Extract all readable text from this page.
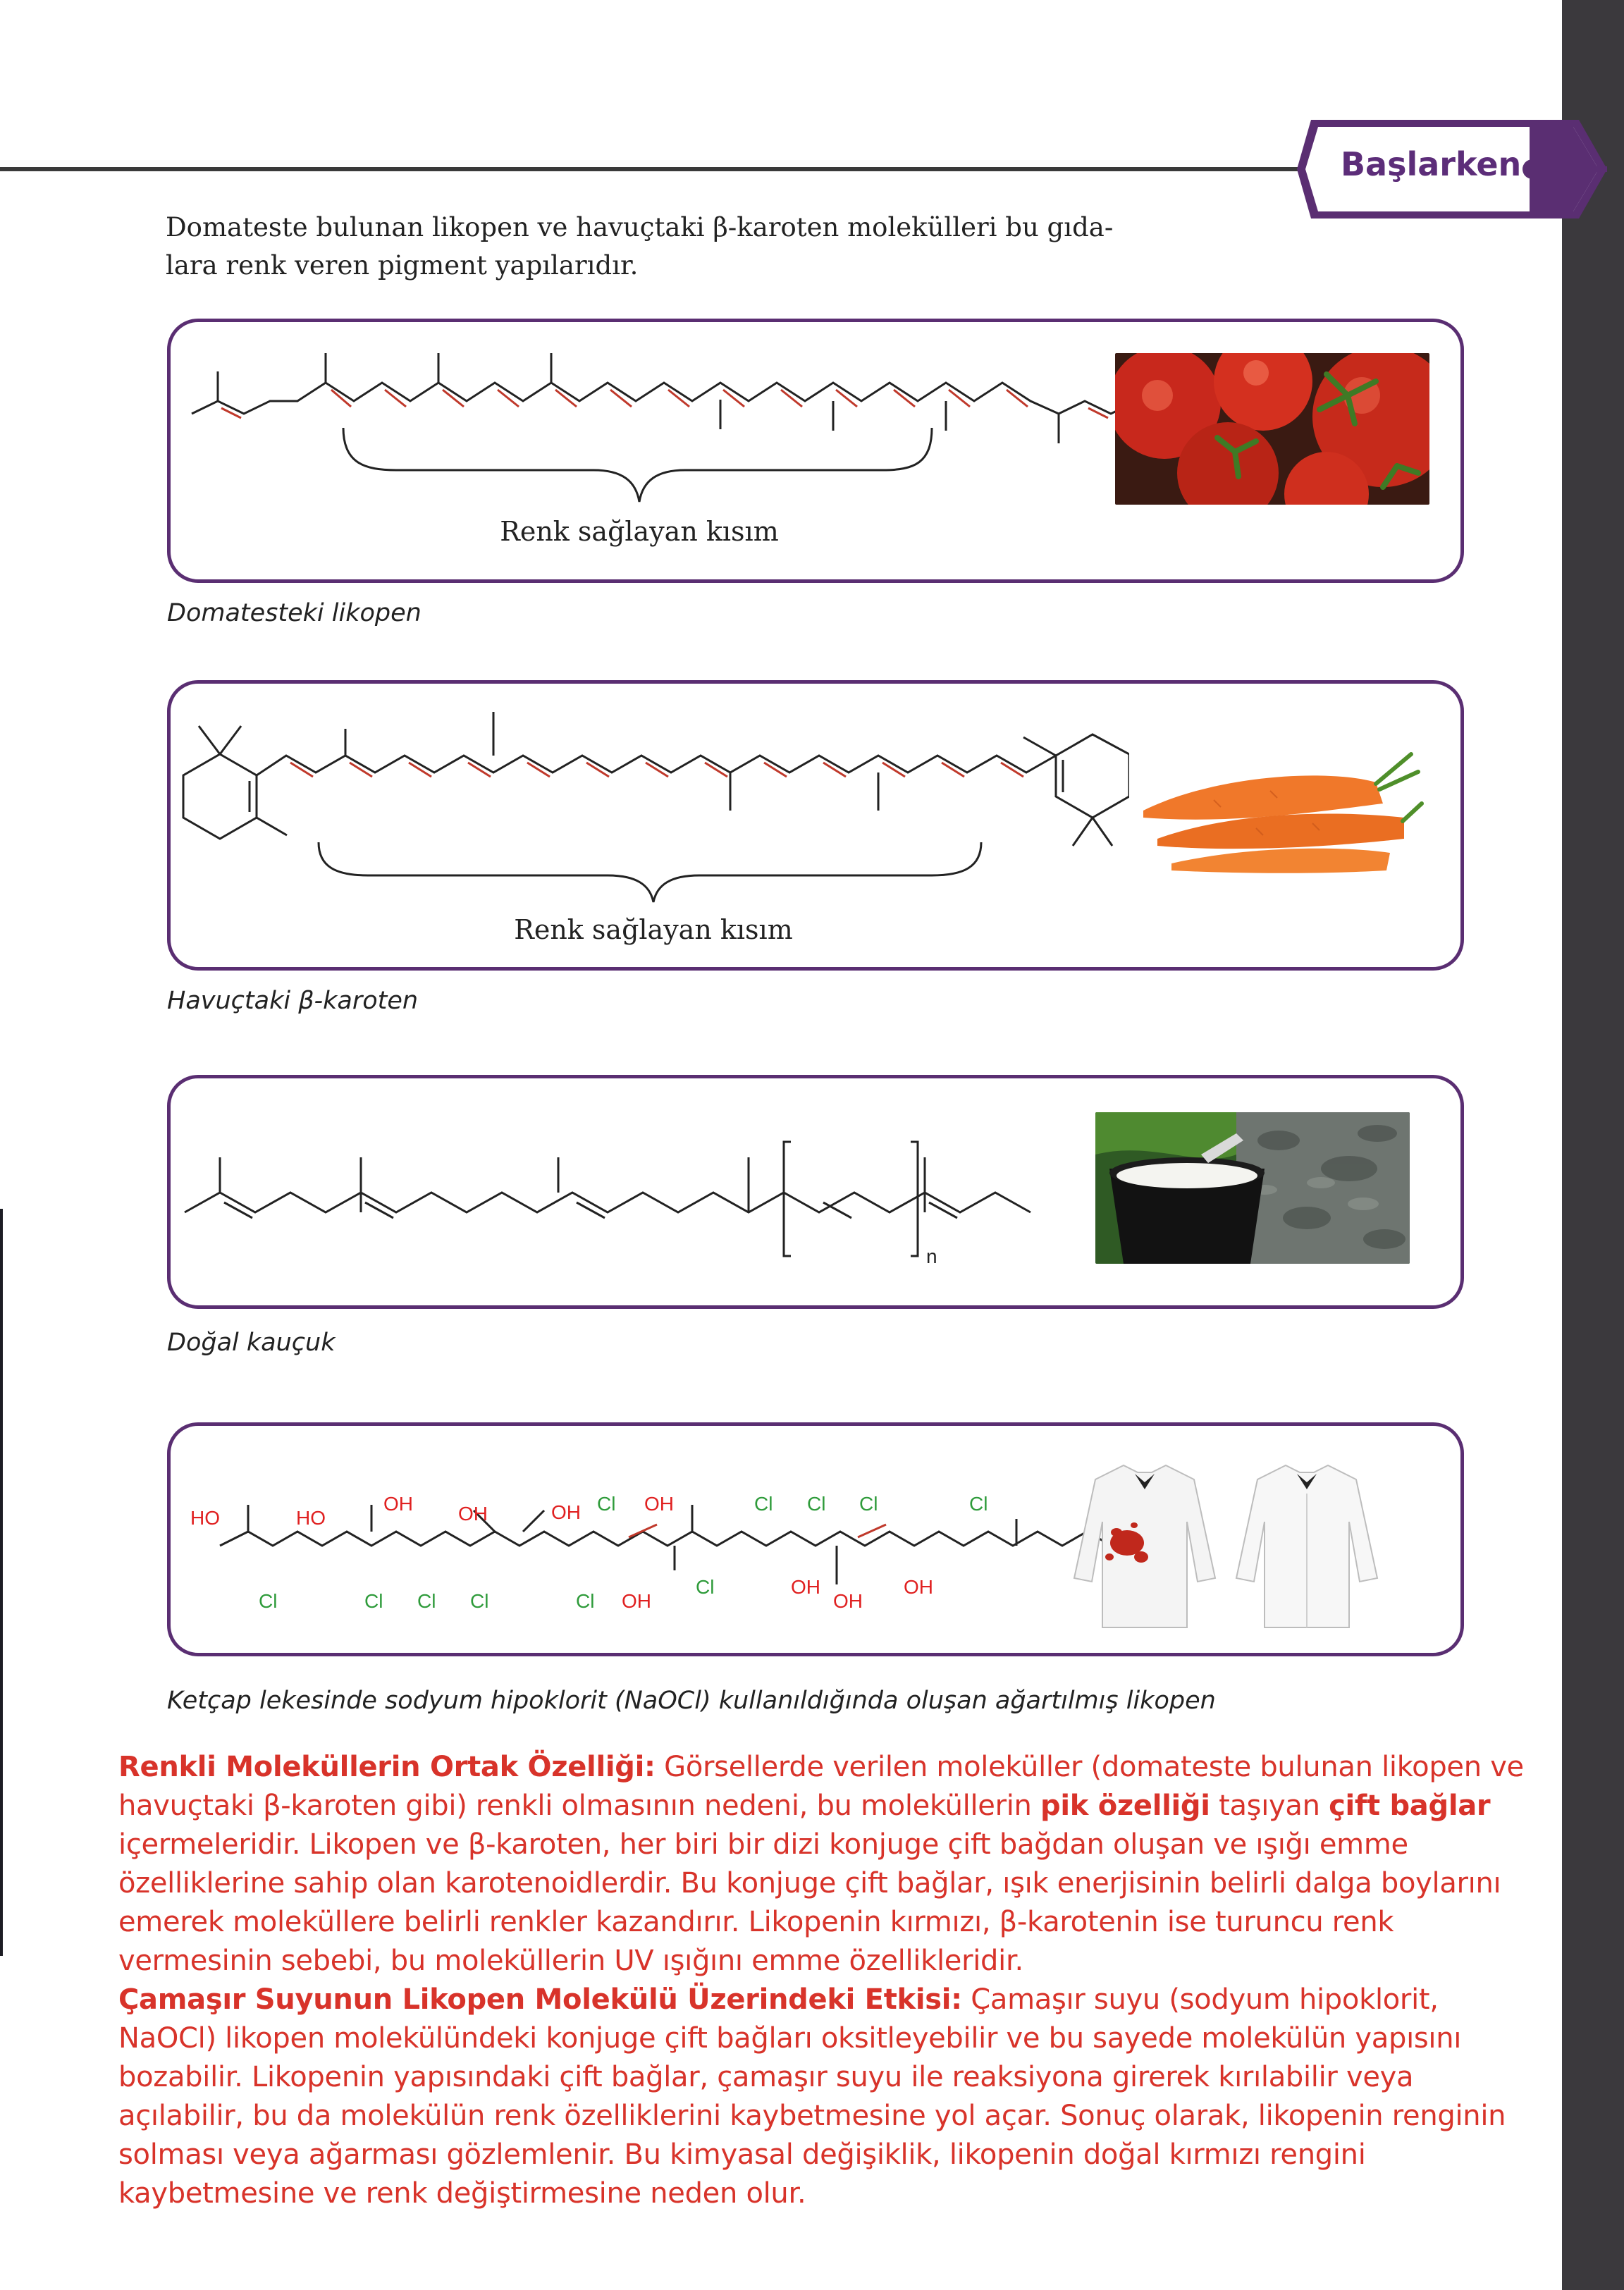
Başlarken

Domateste bulunan likopen ve havuçtaki β-karoten molekülleri bu gıda-
lara renk veren pigment yapılarıdır.

Renk sağlayan kısım
Domatesteki likopen
Renk sağlayan kısım
Havuçtaki β-karoten
n
Doğal kauçuk
HO	HO
OH OH	OH Cl OH	Cl Cl Cl	Cl
Cl	Cl Cl Cl	Cl OH
Cl	OH
OH
OH
Ketçap lekesinde sodyum hipoklorit (NaOCl) kullanıldığında oluşan ağartılmış likopen

Renkli Moleküllerin Ortak Özelliği: Görsellerde verilen moleküller (domateste bulunan likopen ve havuçtaki β-karoten gibi) renkli olmasının nedeni, bu moleküllerin pik özelliği taşıyan çift bağlar içermeleridir. Likopen ve β-karoten, her biri bir dizi konjuge çift bağdan oluşan ve ışığı emme özelliklerine sahip olan karotenoidlerdir. Bu konjuge çift bağlar, ışık enerjisinin belirli dalga boylarını emerek moleküllere belirli renkler kazandırır. Likopenin kırmızı, β-karotenin ise turuncu renk vermesinin sebebi, bu moleküllerin UV ışığını emme özellikleridir.
Çamaşır Suyunun Likopen Molekülü Üzerindeki Etkisi: Çamaşır suyu (sodyum hipoklorit, NaOCl) likopen molekülündeki konjuge çift bağları oksitleyebilir ve bu sayede molekülün yapısını bozabilir. Likopenin yapısındaki çift bağlar, çamaşır suyu ile reaksiyona girerek kırılabilir veya açılabilir, bu da molekülün renk özelliklerini kaybetmesine yol açar. Sonuç olarak, likopenin renginin solması veya ağarması gözlemlenir. Bu kimyasal değişiklik, likopenin doğal kırmızı rengini kaybetmesine ve renk değiştirmesine neden olur.
